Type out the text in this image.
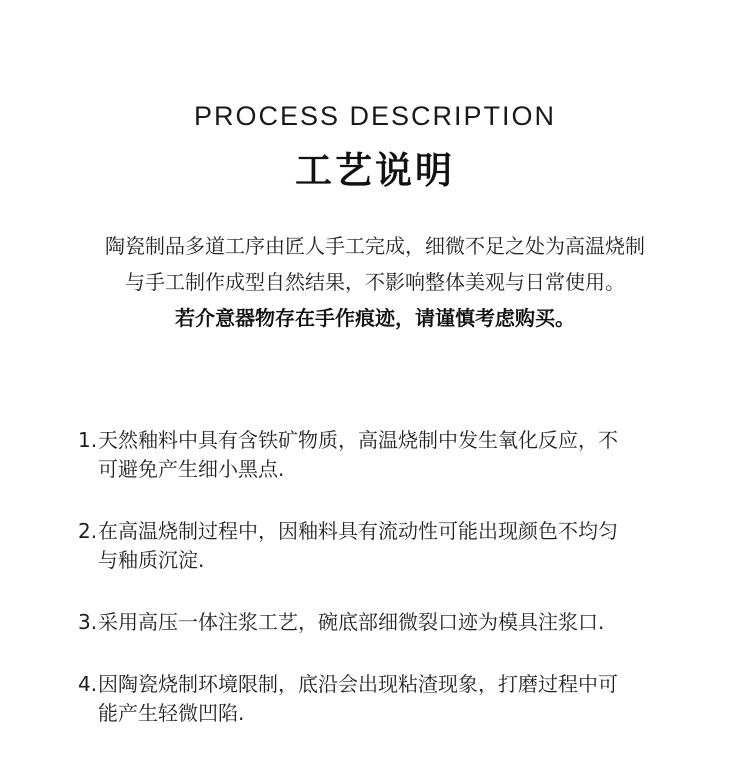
PROCESS DESCRIPTION
工艺说明
陶瓷制品多道工序由匠人手工完成，细微不足之处为高温烧制
与手工制作成型自然结果，不影响整体美观与日常使用。
若介意器物存在手作痕迹，请谨慎考虑购买。
1. 天然釉料中具有含铁矿物质，高温烧制中发生氧化反应，不
可避免产生细小黑点.
2. 在高温烧制过程中，因釉料具有流动性可能出现颜色不均匀
与釉质沉淀.
3. 采用高压一体注浆工艺，碗底部细微裂口迹为模具注浆口.
4. 因陶瓷烧制环境限制，底沿会出现粘渣现象，打磨过程中可
能产生轻微凹陷.
